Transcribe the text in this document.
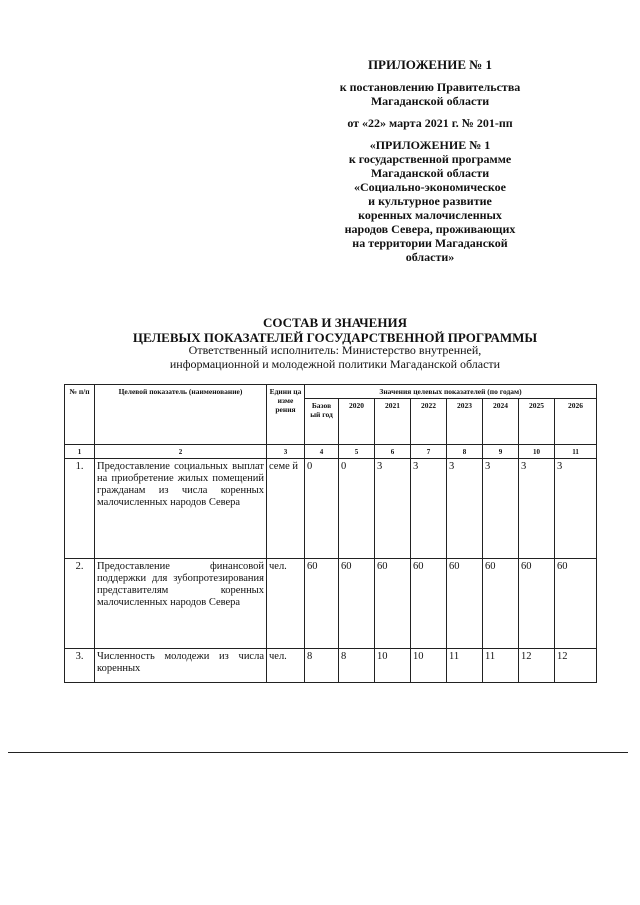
ПРИЛОЖЕНИЕ № 1
к постановлению Правительства
Магаданской области
от «22» марта 2021 г. № 201-пп
«ПРИЛОЖЕНИЕ № 1
к государственной программе
Магаданской области
«Социально-экономическое
и культурное развитие
коренных малочисленных
народов Севера, проживающих
на территории Магаданской
области»
СОСТАВ И ЗНАЧЕНИЯ
ЦЕЛЕВЫХ ПОКАЗАТЕЛЕЙ ГОСУДАРСТВЕННОЙ ПРОГРАММЫ
Ответственный исполнитель: Министерство внутренней,
информационной и молодежной политики Магаданской области
№ п/п	Целевой показатель (наименование)	Едини ца изме рения	Значения целевых показателей (по годам)							
			Базов ый год	2020	2021	2022	2023	2024	2025	2026
1	2	3	4	5	6	7	8	9	10	11
1.	Предоставление социальных выплат на приобретение жилых помещений гражданам из числа коренных малочисленных народов Севера	семе й	0	0	3	3	3	3	3	3
2.	Предоставление финансовой поддержки для зубопротезирования представителям коренных малочисленных народов Севера	чел.	60	60	60	60	60	60	60	60
3.	Численность молодежи из числа коренных	чел.	8	8	10	10	11	11	12	12
